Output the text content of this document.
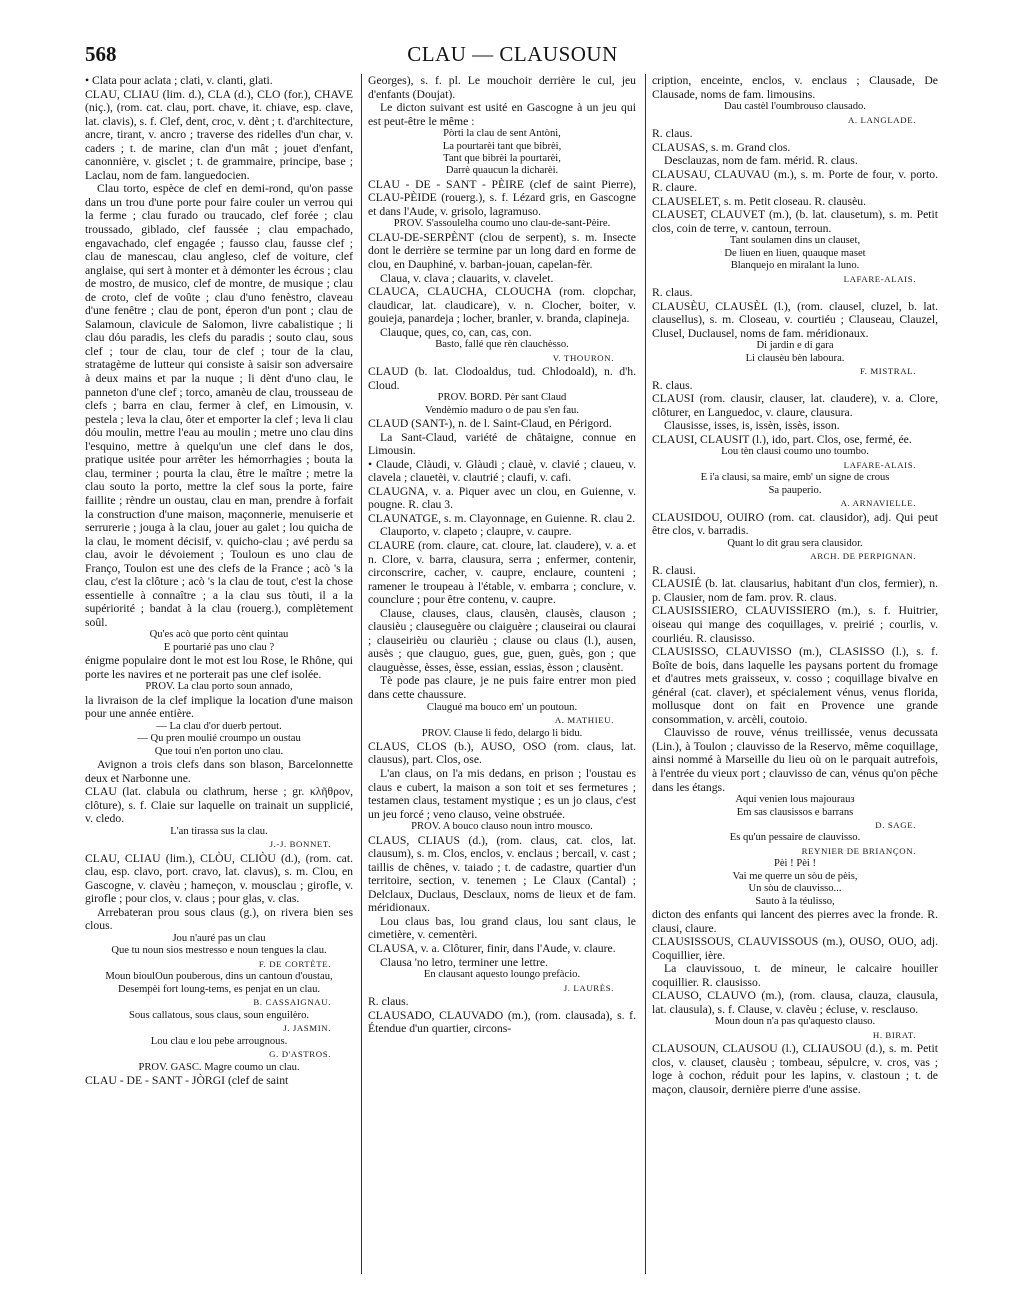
568	CLAU — CLAUSOUN

• Clata pour aclata ; clati, v. clanti, glati.

CLAU, CLIAU (lim. d.), CLA (d.), CLO (for.), CHAVE (niç.), (rom. cat. clau, port. chave, it. chiave, esp. clave, lat. clavis), s. f. Clef, dent, croc, v. dènt ; t. d'architecture, ancre, tirant, v. ancro ; traverse des ridelles d'un char, v. caders ; t. de marine, clan d'un mât ; jouet d'enfant, canonnière, v. gisclet ; t. de grammaire, principe, base ; Laclau, nom de fam. languedocien.

Clau torto, espèce de clef en demi-rond, qu'on passe dans un trou d'une porte pour faire couler un verrou qui la ferme ; clau furado ou traucado, clef forée ; clau troussado, giblado, clef faussée ; clau empachado, engavachado, clef engagée ; fausso clau, fausse clef ; clau de manescau, clau angleso, clef de voiture, clef anglaise, qui sert à monter et à démonter les écrous ; clau de mostro, de musico, clef de montre, de musique ; clau de croto, clef de voûte ; clau d'uno fenèstro, claveau d'une fenêtre ; clau de pont, éperon d'un pont ; clau de Salamoun, clavicule de Salomon, livre cabalistique ; li clau dóu paradis, les clefs du paradis ; souto clau, sous clef ; tour de clau, tour de clef ; tour de la clau, stratagème de lutteur qui consiste à saisir son adversaire à deux mains et par la nuque ; li dènt d'uno clau, le panneton d'une clef ; torco, amanèu de clau, trousseau de clefs ; barra en clau, fermer à clef, en Limousin, v. pestela ; leva la clau, ôter et emporter la clef ; leva li clau dóu moulin, mettre l'eau au moulin ; metre uno clau dins l'esquino, mettre à quelqu'un une clef dans le dos, pratique usitée pour arrêter les hémorrhagies ; bouta la clau, terminer ; pourta la clau, être le maître ; metre la clau souto la porto, mettre la clef sous la porte, faire faillite ; rèndre un oustau, clau en man, prendre à forfait la construction d'une maison, maçonnerie, menuiserie et serrurerie ; jouga à la clau, jouer au galet ; lou quicha de la clau, le moment décisif, v. quicho-clau ; avé perdu sa clau, avoir le dévoiement ; Touloun es uno clau de Franço, Toulon est une des clefs de la France ; acò 's la clau, c'est la clôture ; acò 's la clau de tout, c'est la chose essentielle à connaître ; a la clau sus tòuti, il a la supériorité ; bandat à la clau (rouerg.), complètement soûl.

Qu'es acò que porto cènt quintau
E pourtarié pas uno clau ?

énigme populaire dont le mot est lou Rose, le Rhône, qui porte les navires et ne porterait pas une clef isolée.

PROV. La clau porto soun annado,

la livraison de la clef implique la location d'une maison pour une année entière.

— La clau d'or duerb pertout.
— Qu pren moulié croumpo un oustau
Que toui n'en porton uno clau.

Avignon a trois clefs dans son blason, Barcelonnette deux et Narbonne une.

CLAU (lat. clabula ou clathrum, herse ; gr. κλῆθρον, clôture), s. f. Claie sur laquelle on trainait un supplicié, v. cledo.

L'an tirassa sus la clau.

J.-J. BONNET.

CLAU, CLIAU (lim.), CLÒU, CLIÒU (d.), (rom. cat. clau, esp. clavo, port. cravo, lat. clavus), s. m. Clou, en Gascogne, v. clavèu ; hameçon, v. mousclau ; girofle, v. girofle ; pour clos, v. claus ; pour glas, v. clas.

Arrebateran prou sous claus (g.), on rivera bien ses clous.

Jou n'auré pas un clau
Que tu noun sios mestresso e noun tengues la clau.

F. DE CORTÈTE.

Moun bioulOun pouberous, dins un cantoun d'oustau,
Desempèi fort loung-tems, es penjat en un clau.

B. CASSAIGNAU.

Sous callatous, sous claus, soun enguilèro.

J. JASMIN.

Lou clau e lou pebe arrougnous.

G. D'ASTROS.

PROV. GASC. Magre coumo un clau.

CLAU - DE - SANT - JÒRGI (clef de saint

Georges), s. f. pl. Le mouchoir derrière le cul, jeu d'enfants (Doujat).

Le dicton suivant est usité en Gascogne à un jeu qui est peut-être le même :

Pòrti la clau de sent Antòni,
La pourtarèi tant que bibrèi,
Tant que bibrèi la pourtarèi,
Darrè quaucun la dicharèi.

CLAU - DE - SANT - PÈIRE (clef de saint Pierre), CLAU-PÈIDE (rouerg.), s. f. Lézard gris, en Gascogne et dans l'Aude, v. grisolo, lagramuso.

PROV. S'assoulelha coumo uno clau-de-sant-Pèire.

CLAU-DE-SERPÈNT (clou de serpent), s. m. Insecte dont le derrière se termine par un long dard en forme de clou, en Dauphiné, v. barban-jouan, capelan-fèr.

Claua, v. clava ; clauarits, v. clavelet.

CLAUCA, CLAUCHA, CLOUCHA (rom. clopchar, claudicar, lat. claudicare), v. n. Clocher, boiter, v. gouieja, panardeja ; locher, branler, v. branda, clapineja.

Clauque, ques, co, can, cas, con.

Basto, fallé que rèn clauchèsso.

V. THOURON.

CLAUD (b. lat. Clodoaldus, tud. Chlodoald), n. d'h. Cloud.

PROV. BORD. Pèr sant Claud
Vendèmio maduro o de pau s'en fau.

CLAUD (SANT-), n. de l. Saint-Claud, en Périgord.

La Sant-Claud, variété de châtaigne, connue en Limousin.

• Claude, Clàudi, v. Glàudi ; clauè, v. clavié ; claueu, v. clavela ; clauetèi, v. clautrié ; claufi, v. cafi.

CLAUGNA, v. a. Piquer avec un clou, en Guienne, v. pougne. R. clau 3.

CLAUNATGE, s. m. Clayonnage, en Guienne. R. clau 2.

Clauporto, v. clapeto ; claupre, v. caupre.

CLAURE (rom. claure, cat. cloure, lat. claudere), v. a. et n. Clore, v. barra, clausura, serra ; enfermer, contenir, circonscrire, cacher, v. caupre, enclaure, counteni ; ramener le troupeau à l'étable, v. embarra ; conclure, v. counclure ; pour être contenu, v. caupre.

Clause, clauses, claus, clausèn, clausès, clauson ; clausièu ; clauseguère ou claiguère ; clauseirai ou claurai ; clauseirièu ou claurièu ; clause ou claus (l.), ausen, ausès ; que clauguo, gues, gue, guen, guès, gon ; que clauguèsse, èsses, èsse, essian, essias, èsson ; clausènt.

Tè pode pas claure, je ne puis faire entrer mon pied dans cette chaussure.

Claugué ma bouco em' un poutoun.

A. MATHIEU.

PROV. Clause li fedo, delargo li bidu.

CLAUS, CLOS (b.), AUSO, OSO (rom. claus, lat. clausus), part. Clos, ose.

L'an claus, on l'a mis dedans, en prison ; l'oustau es claus e cubert, la maison a son toit et ses fermetures ; testamen claus, testament mystique ; es un jo claus, c'est un jeu forcé ; veno clauso, veine obstruée.

PROV. A bouco clauso noun intro mousco.

CLAUS, CLIAUS (d.), (rom. claus, cat. clos, lat. clausum), s. m. Clos, enclos, v. enclaus ; bercail, v. cast ; taillis de chênes, v. taiado ; t. de cadastre, quartier d'un territoire, section, v. tenemen ; Le Claux (Cantal) ; Delclaux, Duclaus, Desclaux, noms de lieux et de fam. méridionaux.

Lou claus bas, lou grand claus, lou sant claus, le cimetière, v. cementèri.

CLAUSA, v. a. Clôturer, finir, dans l'Aude, v. claure.

Clausa 'no letro, terminer une lettre.

En clausant aquesto loungo prefàcio.

J. LAURÈS.

R. claus.

CLAUSADO, CLAUVADO (m.), (rom. clausada), s. f. Étendue d'un quartier, circons-

cription, enceinte, enclos, v. enclaus ; Clausade, De Clausade, noms de fam. limousins.

Dau castèl l'oumbrouso clausado.

A. LANGLADE.

R. claus.

CLAUSAS, s. m. Grand clos.

Desclauzas, nom de fam. mérid. R. claus.

CLAUSAU, CLAUVAU (m.), s. m. Porte de four, v. porto. R. claure.

CLAUSELET, s. m. Petit closeau. R. clausèu.

CLAUSET, CLAUVET (m.), (b. lat. clausetum), s. m. Petit clos, coin de terre, v. cantoun, terroun.

Tant soulamen dins un clauset,
De liuen en liuen, quauque maset
Blanquejo en miralant la luno.

LAFARE-ALAIS.

R. claus.

CLAUSÈU, CLAUSÈL (l.), (rom. clausel, cluzel, b. lat. clausellus), s. m. Closeau, v. courtiéu ; Clauseau, Clauzel, Clusel, Duclausel, noms de fam. méridionaux.

Di jardin e di gara
Li clausèu bèn laboura.

F. MISTRAL.

R. claus.

CLAUSI (rom. clausir, clauser, lat. claudere), v. a. Clore, clôturer, en Languedoc, v. claure, clausura.

Clausisse, isses, is, issèn, issès, isson.

CLAUSI, CLAUSIT (l.), ido, part. Clos, ose, fermé, ée.

Lou tèn clausi coumo uno toumbo.

LAFARE-ALAIS.

E i'a clausi, sa maire, emb' un signe de crous
Sa pauperio.

A. ARNAVIELLE.

CLAUSIDOU, OUIRO (rom. cat. clausidor), adj. Qui peut être clos, v. barradis.

Quant lo dit grau sera clausidor.

ARCH. DE PERPIGNAN.

R. clausi.

CLAUSIÉ (b. lat. clausarius, habitant d'un clos, fermier), n. p. Clausier, nom de fam. prov. R. claus.

CLAUSISSIERO, CLAUVISSIERO (m.), s. f. Huitrier, oiseau qui mange des coquillages, v. preirié ; courlis, v. courliéu. R. clausisso.

CLAUSISSO, CLAUVISSO (m.), CLASISSO (l.), s. f. Boîte de bois, dans laquelle les paysans portent du fromage et d'autres mets graisseux, v. cosso ; coquillage bivalve en général (cat. claver), et spécialement vénus, venus florida, mollusque dont on fait en Provence une grande consommation, v. arcèli, coutoio.

Clauvisso de rouve, vénus treillissée, venus decussata (Lin.), à Toulon ; clauvisso de la Reservo, même coquillage, ainsi nommé à Marseille du lieu où on le parquait autrefois, à l'entrée du vieux port ; clauvisso de can, vénus qu'on pêche dans les étangs.

Aqui venien lous majourauз
Em sas clausissos e barrans

D. SAGE.

Es qu'un pessaire de clauvisso.

REYNIER DE BRIANÇON.

Pèi ! Pèi !
Vai me querre un sòu de pèis,
Un sòu de clauvisso...
Sauto à la téulisso,

dicton des enfants qui lancent des pierres avec la fronde. R. clausi, claure.

CLAUSISSOUS, CLAUVISSOUS (m.), OUSO, OUO, adj. Coquillier, ière.

La clauvissouo, t. de mineur, le calcaire houiller coquillier. R. clausisso.

CLAUSO, CLAUVO (m.), (rom. clausa, clauza, clausula, lat. clausula), s. f. Clause, v. clavèu ; écluse, v. resclauso.

Moun doun n'a pas qu'aquesto clauso.

H. BIRAT.

CLAUSOUN, CLAUSOU (l.), CLIAUSOU (d.), s. m. Petit clos, v. clauset, clausèu ; tombeau, sépulcre, v. cros, vas ; loge à cochon, réduit pour les lapins, v. clastoun ; t. de maçon, clausoir, dernière pierre d'une assise.
